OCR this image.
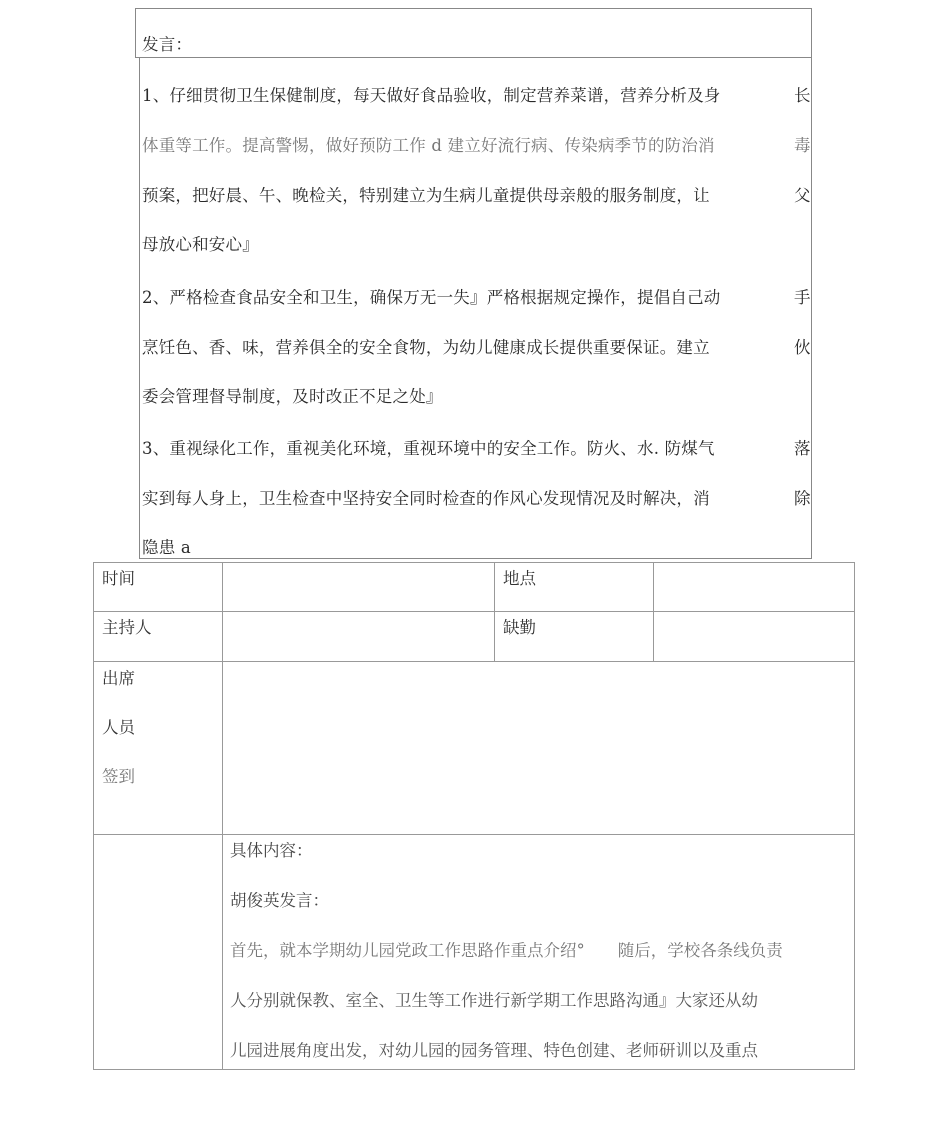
发言：
1、仔细贯彻卫生保健制度，每天做好食品验收，制定营养菜谱，营养分析及身	长
体重等工作。提高警惕，做好预防工作 d 建立好流行病、传染病季节的防治消	毒
预案，把好晨、午、晚检关，特别建立为生病儿童提供母亲般的服务制度，让	父
母放心和安心』
2、严格检查食品安全和卫生，确保万无一失』严格根据规定操作，提倡自己动	手
烹饪色、香、味，营养俱全的安全食物，为幼儿健康成长提供重要保证。建立	伙
委会管理督导制度，及时改正不足之处』
3、重视绿化工作，重视美化环境，重视环境中的安全工作。防火、水. 防煤气	落
实到每人身上，卫生检查中坚持安全同时检查的作风心发现情况及时解决，消	除
隐患 a
时间		地点	

主持人		缺勤	

出席
人员
签到			

	具体内容：
胡俊英发言：
首先，就本学期幼儿园党政工作思路作重点介绍°　　随后，学校各条线负责
人分别就保教、室全、卫生等工作进行新学期工作思路沟通』大家还从幼
儿园进展角度出发，对幼儿园的园务管理、特色创建、老师研训以及重点		
